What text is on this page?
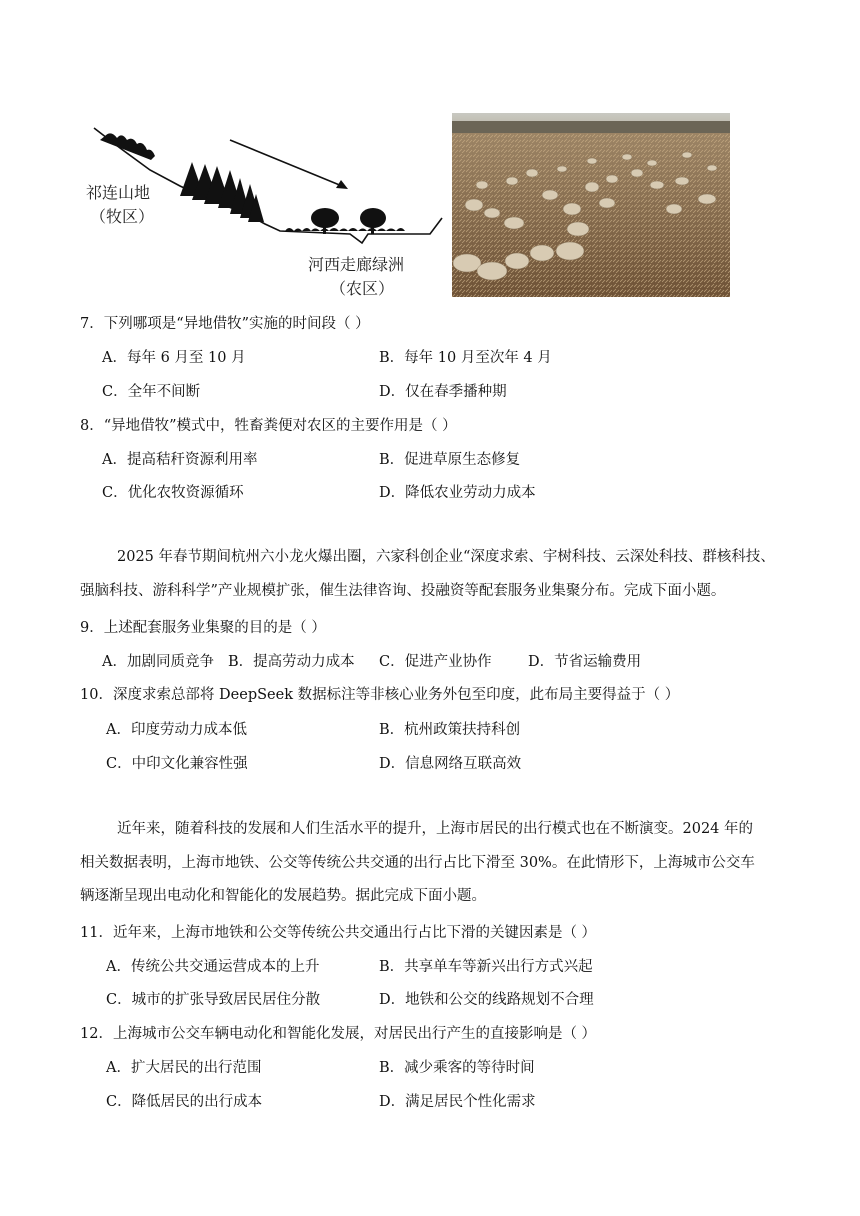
祁连山地
（牧区）
河西走廊绿洲
（农区）
7．下列哪项是“异地借牧”实施的时间段（ ）
A．每年 6 月至 10 月	B．每年 10 月至次年 4 月
C．全年不间断	D．仅在春季播种期
8．“异地借牧”模式中，牲畜粪便对农区的主要作用是（ ）
A．提高秸秆资源利用率	B．促进草原生态修复
C．优化农牧资源循环	D．降低农业劳动力成本

2025 年春节期间杭州六小龙火爆出圈，六家科创企业“深度求索、宇树科技、云深处科技、群核科技、

强脑科技、游科科学”产业规模扩张，催生法律咨询、投融资等配套服务业集聚分布。完成下面小题。

9．上述配套服务业集聚的目的是（ ）
A．加剧同质竞争 B．提高劳动力成本 C．促进产业协作	D．节省运输费用
10．深度求索总部将 DeepSeek 数据标注等非核心业务外包至印度，此布局主要得益于（ ）
A．印度劳动力成本低	B．杭州政策扶持科创
C．中印文化兼容性强	D．信息网络互联高效

近年来，随着科技的发展和人们生活水平的提升，上海市居民的出行模式也在不断演变。2024 年的

相关数据表明，上海市地铁、公交等传统公共交通的出行占比下滑至 30%。在此情形下，上海城市公交车

辆逐渐呈现出电动化和智能化的发展趋势。据此完成下面小题。

11．近年来，上海市地铁和公交等传统公共交通出行占比下滑的关键因素是（ ）
A．传统公共交通运营成本的上升	B．共享单车等新兴出行方式兴起
C．城市的扩张导致居民居住分散	D．地铁和公交的线路规划不合理
12．上海城市公交车辆电动化和智能化发展，对居民出行产生的直接影响是（ ）
A．扩大居民的出行范围	B．减少乘客的等待时间
C．降低居民的出行成本	D．满足居民个性化需求
